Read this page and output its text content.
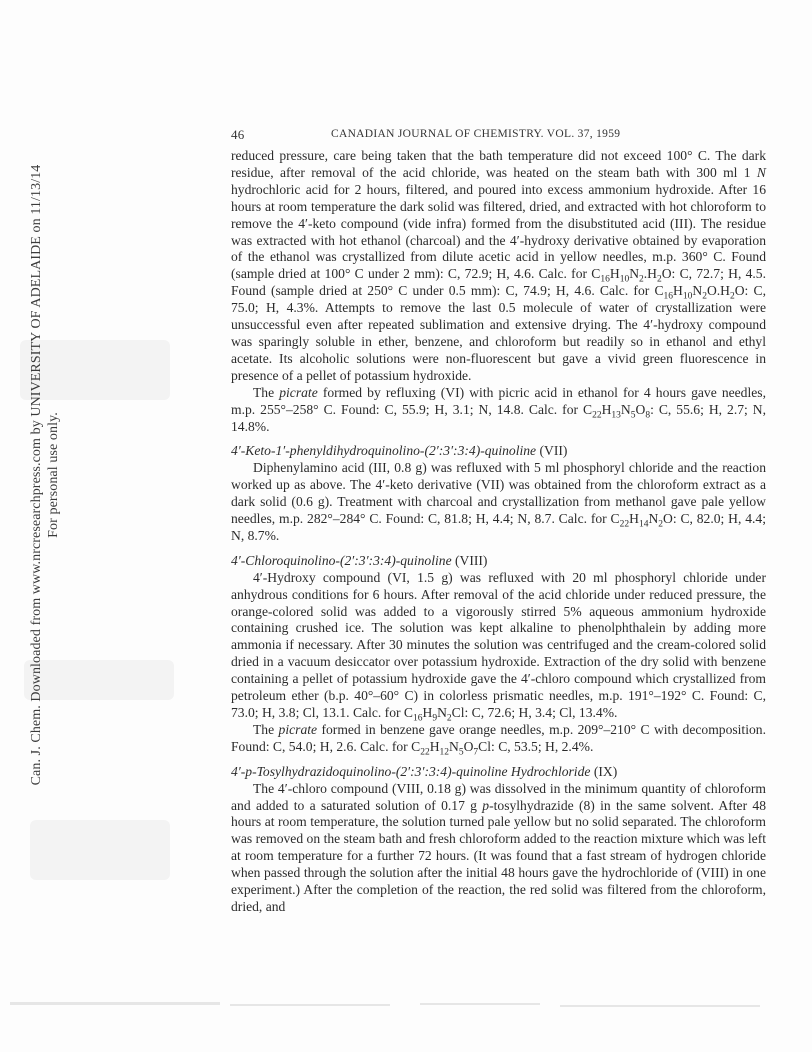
Can. J. Chem. Downloaded from www.nrcresearchpress.com by UNIVERSITY OF ADELAIDE on 11/13/14 For personal use only.
46	CANADIAN JOURNAL OF CHEMISTRY. VOL. 37, 1959

reduced pressure, care being taken that the bath temperature did not exceed 100° C. The dark residue, after removal of the acid chloride, was heated on the steam bath with 300 ml 1 N hydrochloric acid for 2 hours, filtered, and poured into excess ammonium hydroxide. After 16 hours at room temperature the dark solid was filtered, dried, and extracted with hot chloroform to remove the 4′-keto compound (vide infra) formed from the disubstituted acid (III). The residue was extracted with hot ethanol (charcoal) and the 4′-hydroxy derivative obtained by evaporation of the ethanol was crystallized from dilute acetic acid in yellow needles, m.p. 360° C. Found (sample dried at 100° C under 2 mm): C, 72.9; H, 4.6. Calc. for $C_{16}H_{10}N_2.H_2O$: C, 72.7; H, 4.5. Found (sample dried at 250° C under 0.5 mm): C, 74.9; H, 4.6. Calc. for $C_{16}H_{10}N_2O.H_2O$: C, 75.0; H, 4.3%. Attempts to remove the last 0.5 molecule of water of crystallization were unsuccessful even after repeated sublimation and extensive drying. The 4′-hydroxy compound was sparingly soluble in ether, benzene, and chloroform but readily so in ethanol and ethyl acetate. Its alcoholic solutions were non-fluorescent but gave a vivid green fluorescence in presence of a pellet of potassium hydroxide.

The picrate formed by refluxing (VI) with picric acid in ethanol for 4 hours gave needles, m.p. 255°–258° C. Found: C, 55.9; H, 3.1; N, 14.8. Calc. for $C_{22}H_{13}N_5O_8$: C, 55.6; H, 2.7; N, 14.8%.

4′-Keto-1′-phenyldihydroquinolino-(2′:3′:3:4)-quinoline (VII)

Diphenylamino acid (III, 0.8 g) was refluxed with 5 ml phosphoryl chloride and the reaction worked up as above. The 4′-keto derivative (VII) was obtained from the chloroform extract as a dark solid (0.6 g). Treatment with charcoal and crystallization from methanol gave pale yellow needles, m.p. 282°–284° C. Found: C, 81.8; H, 4.4; N, 8.7. Calc. for $C_{22}H_{14}N_2O$: C, 82.0; H, 4.4; N, 8.7%.

4′-Chloroquinolino-(2′:3′:3:4)-quinoline (VIII)

4′-Hydroxy compound (VI, 1.5 g) was refluxed with 20 ml phosphoryl chloride under anhydrous conditions for 6 hours. After removal of the acid chloride under reduced pressure, the orange-colored solid was added to a vigorously stirred 5% aqueous ammonium hydroxide containing crushed ice. The solution was kept alkaline to phenolphthalein by adding more ammonia if necessary. After 30 minutes the solution was centrifuged and the cream-colored solid dried in a vacuum desiccator over potassium hydroxide. Extraction of the dry solid with benzene containing a pellet of potassium hydroxide gave the 4′-chloro compound which crystallized from petroleum ether (b.p. 40°–60° C) in colorless prismatic needles, m.p. 191°–192° C. Found: C, 73.0; H, 3.8; Cl, 13.1. Calc. for $C_{16}H_9N_2Cl$: C, 72.6; H, 3.4; Cl, 13.4%.

The picrate formed in benzene gave orange needles, m.p. 209°–210° C with decomposition. Found: C, 54.0; H, 2.6. Calc. for $C_{22}H_{12}N_5O_7Cl$: C, 53.5; H, 2.4%.

4′-p-Tosylhydrazidoquinolino-(2′:3′:3:4)-quinoline Hydrochloride (IX)

The 4′-chloro compound (VIII, 0.18 g) was dissolved in the minimum quantity of chloroform and added to a saturated solution of 0.17 g p-tosylhydrazide (8) in the same solvent. After 48 hours at room temperature, the solution turned pale yellow but no solid separated. The chloroform was removed on the steam bath and fresh chloroform added to the reaction mixture which was left at room temperature for a further 72 hours. (It was found that a fast stream of hydrogen chloride when passed through the solution after the initial 48 hours gave the hydrochloride of (VIII) in one experiment.) After the completion of the reaction, the red solid was filtered from the chloroform, dried, and
